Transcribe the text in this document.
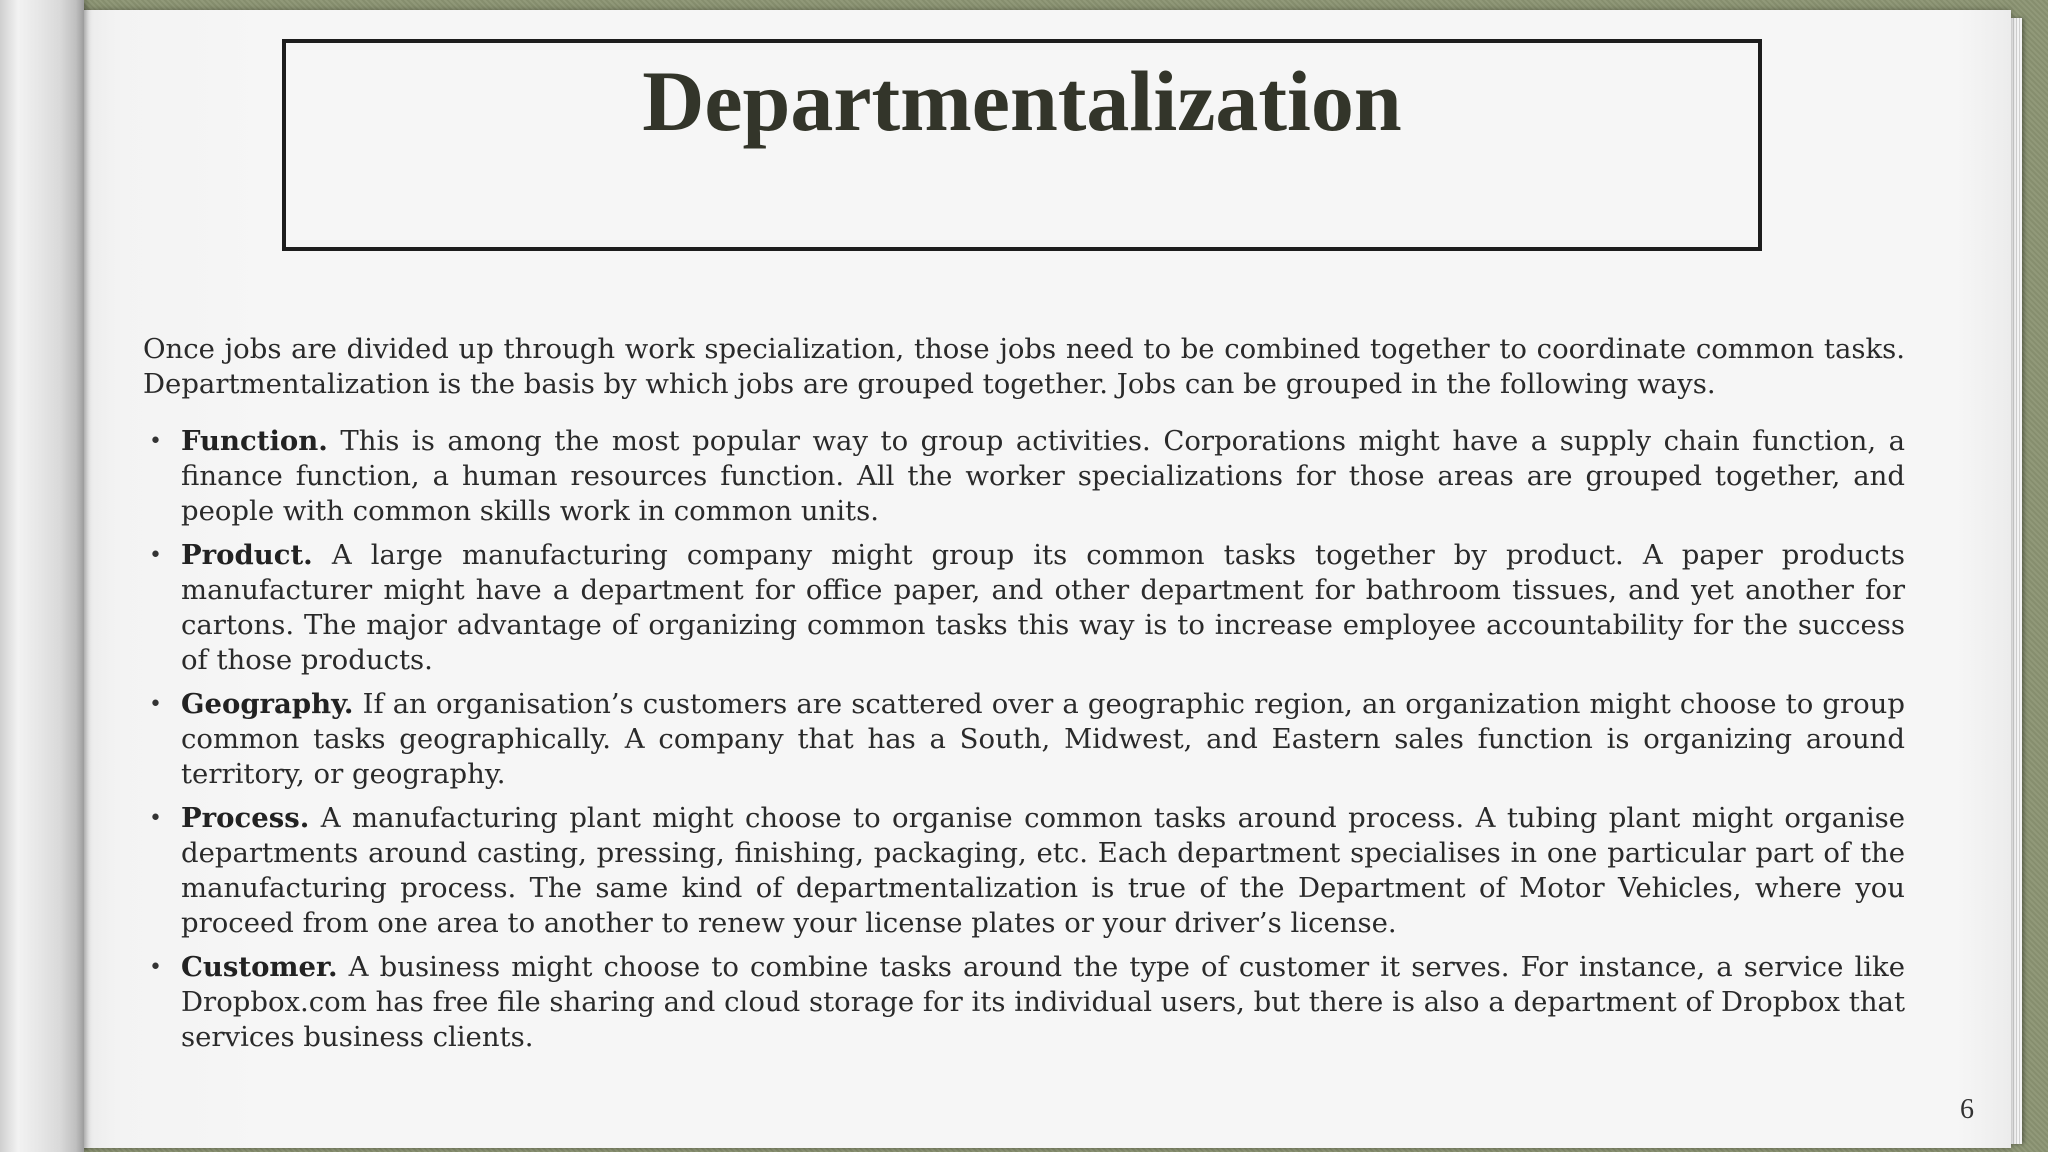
Departmentalization

Once jobs are divided up through work specialization, those jobs need to be combined together to coordinate common tasks. Departmentalization is the basis by which jobs are grouped together. Jobs can be grouped in the following ways.

• Function. This is among the most popular way to group activities. Corporations might have a supply chain function, a finance function, a human resources function. All the worker specializations for those areas are grouped together, and people with common skills work in common units.
• Product. A large manufacturing company might group its common tasks together by product. A paper products manufacturer might have a department for office paper, and other department for bathroom tissues, and yet another for cartons. The major advantage of organizing common tasks this way is to increase employee accountability for the success of those products.
• Geography. If an organisation’s customers are scattered over a geographic region, an organization might choose to group common tasks geographically. A company that has a South, Midwest, and Eastern sales function is organizing around territory, or geography.
• Process. A manufacturing plant might choose to organise common tasks around process. A tubing plant might organise departments around casting, pressing, finishing, packaging, etc. Each department specialises in one particular part of the manufacturing process. The same kind of departmentalization is true of the Department of Motor Vehicles, where you proceed from one area to another to renew your license plates or your driver’s license.
• Customer. A business might choose to combine tasks around the type of customer it serves. For instance, a service like Dropbox.com has free file sharing and cloud storage for its individual users, but there is also a department of Dropbox that services business clients.
6
